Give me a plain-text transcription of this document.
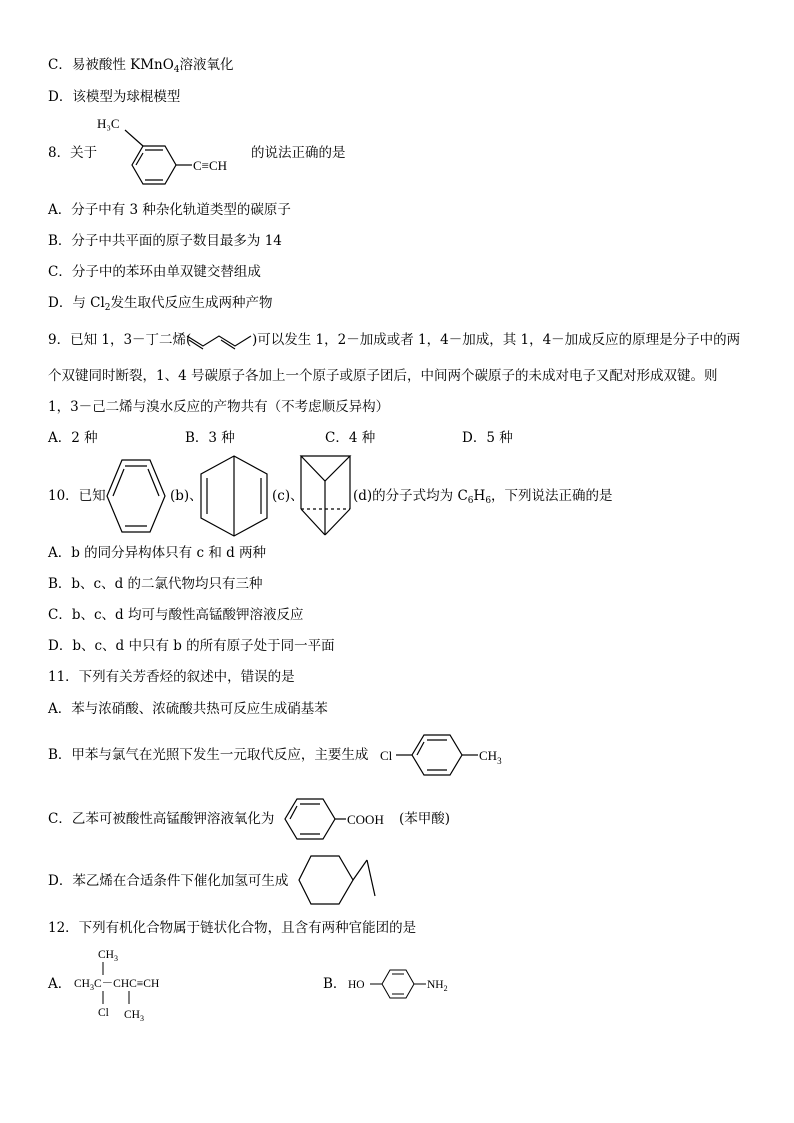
C．易被酸性 KMnO$_4$溶液氧化
D．该模型为球棍模型
8．关于
H₃C
C≡CH
的说法正确的是
A．分子中有 3 种杂化轨道类型的碳原子
B．分子中共平面的原子数目最多为 14
C．分子中的苯环由单双键交替组成
D．与 $Cl_2$发生取代反应生成两种产物
9．已知 1，3－丁二烯(	)可以发生 1，2－加成或者 1，4－加成，其 1，4－加成反应的原理是分子中的两
个双键同时断裂，1、4 号碳原子各加上一个原子或原子团后，中间两个碳原子的未成对电子又配对形成双键。则
1，3－己二烯与溴水反应的产物共有（不考虑顺反异构）
A．2 种	B．3 种	C．4 种	D．5 种
10．已知	(b)、	(c)、	(d)的分子式均为 $C_6H_6$，下列说法正确的是
A．b 的同分异构体只有 c 和 d 两种
B．b、c、d 的二氯代物均只有三种
C．b、c、d 均可与酸性高锰酸钾溶液反应
D．b、c、d 中只有 b 的所有原子处于同一平面
11．下列有关芳香烃的叙述中，错误的是
A．苯与浓硝酸、浓硫酸共热可反应生成硝基苯
B．甲苯与氯气在光照下发生一元取代反应，主要生成 Cl	$CH_3$
C．乙苯可被酸性高锰酸钾溶液氧化为	COOH (苯甲酸)
D．苯乙烯在合适条件下催化加氢可生成
12．下列有机化合物属于链状化合物，且含有两种官能团的是
A．
$CH_3$
$CH_3C-CHC\equiv CH$
Cl $CH_3$
B． HO	$NH_2$
